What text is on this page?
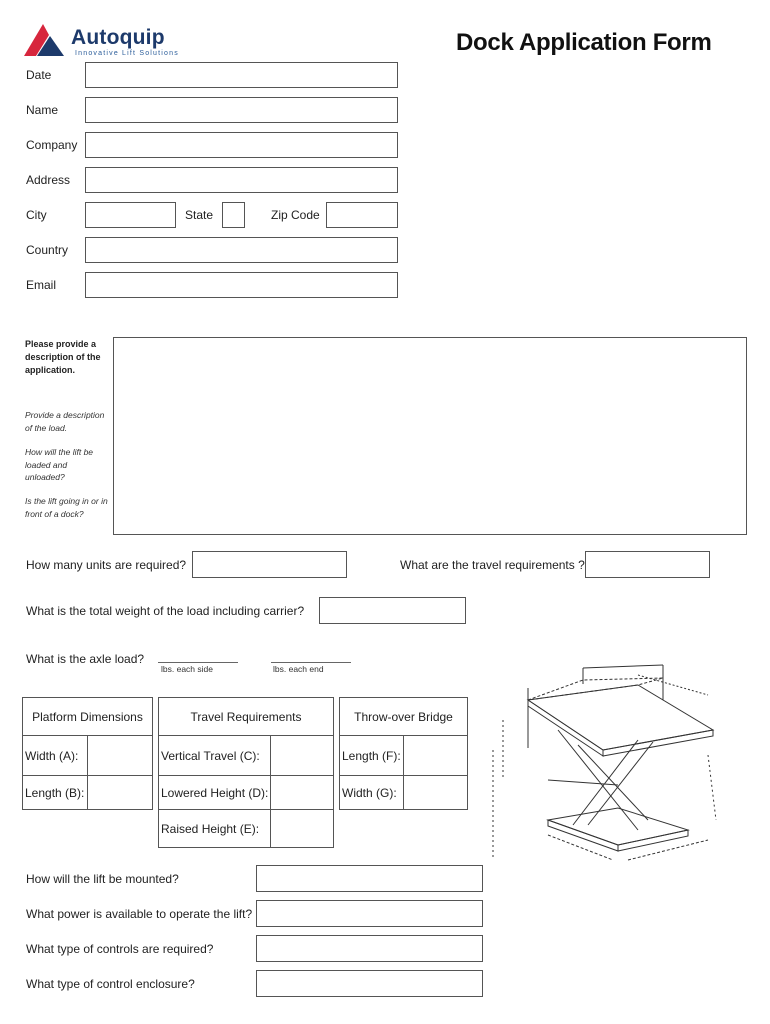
Autoquip
Innovative Lift Solutions	Dock Application Form
Date
Name
Company
Address
City	State	Zip Code
Country
Email
Please provide a description of the application.
Provide a description of the load.
How will the lift be loaded and unloaded?
Is the lift going in or in front of a dock?
How many units are required?	What are the travel requirements ?
What is the total weight of the load including carrier?
What is the axle load?
lbs. each side	lbs. each end
Platform Dimensions	
Width (A):	
Length (B):	
Travel Requirements	
Vertical Travel (C):	
Lowered Height (D):	
Raised Height (E):	
Throw-over Bridge	
Length (F):	
Width (G):	
How will the lift be mounted?
What power is available to operate the lift?
What type of controls are required?
What type of control enclosure?
